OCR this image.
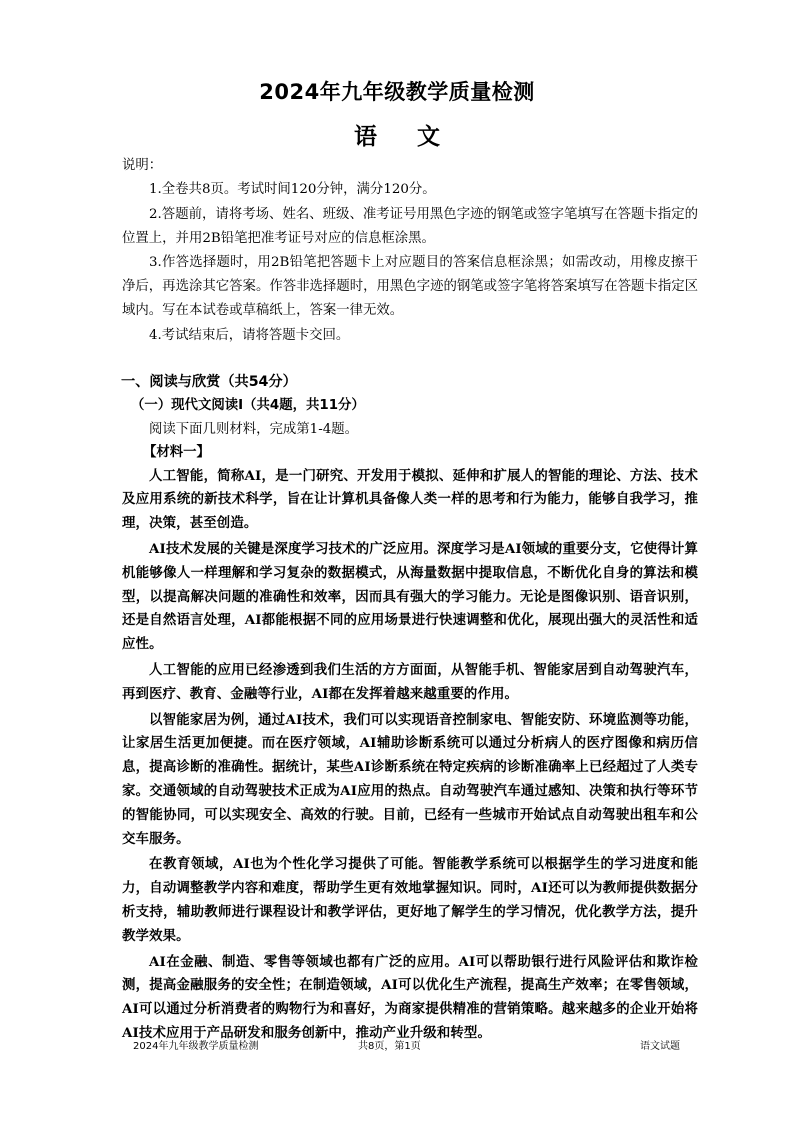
2024年九年级教学质量检测
语文
说明：
1.全卷共8页。考试时间120分钟，满分120分。
2.答题前，请将考场、姓名、班级、准考证号用黑色字迹的钢笔或签字笔填写在答题卡指定的位置上，并用2B铅笔把准考证号对应的信息框涂黑。
3.作答选择题时，用2B铅笔把答题卡上对应题目的答案信息框涂黑；如需改动，用橡皮擦干净后，再选涂其它答案。作答非选择题时，用黑色字迹的钢笔或签字笔将答案填写在答题卡指定区域内。写在本试卷或草稿纸上，答案一律无效。
4.考试结束后，请将答题卡交回。
一、阅读与欣赏（共54分）
（一）现代文阅读Ⅰ（共4题，共11分）
阅读下面几则材料，完成第1-4题。
【材料一】
人工智能，简称AI，是一门研究、开发用于模拟、延伸和扩展人的智能的理论、方法、技术及应用系统的新技术科学，旨在让计算机具备像人类一样的思考和行为能力，能够自我学习，推理，决策，甚至创造。
AI技术发展的关键是深度学习技术的广泛应用。深度学习是AI领域的重要分支，它使得计算机能够像人一样理解和学习复杂的数据模式，从海量数据中提取信息，不断优化自身的算法和模型，以提高解决问题的准确性和效率，因而具有强大的学习能力。无论是图像识别、语音识别，还是自然语言处理，AI都能根据不同的应用场景进行快速调整和优化，展现出强大的灵活性和适应性。
人工智能的应用已经渗透到我们生活的方方面面，从智能手机、智能家居到自动驾驶汽车，再到医疗、教育、金融等行业，AI都在发挥着越来越重要的作用。
以智能家居为例，通过AI技术，我们可以实现语音控制家电、智能安防、环境监测等功能，让家居生活更加便捷。而在医疗领域，AI辅助诊断系统可以通过分析病人的医疗图像和病历信息，提高诊断的准确性。据统计，某些AI诊断系统在特定疾病的诊断准确率上已经超过了人类专家。交通领域的自动驾驶技术正成为AI应用的热点。自动驾驶汽车通过感知、决策和执行等环节的智能协同，可以实现安全、高效的行驶。目前，已经有一些城市开始试点自动驾驶出租车和公交车服务。
在教育领域，AI也为个性化学习提供了可能。智能教学系统可以根据学生的学习进度和能力，自动调整教学内容和难度，帮助学生更有效地掌握知识。同时，AI还可以为教师提供数据分析支持，辅助教师进行课程设计和教学评估，更好地了解学生的学习情况，优化教学方法，提升教学效果。
AI在金融、制造、零售等领域也都有广泛的应用。AI可以帮助银行进行风险评估和欺诈检测，提高金融服务的安全性；在制造领域，AI可以优化生产流程，提高生产效率；在零售领域，AI可以通过分析消费者的购物行为和喜好，为商家提供精准的营销策略。越来越多的企业开始将AI技术应用于产品研发和服务创新中，推动产业升级和转型。
2024年九年级教学质量检测	共8页，第1页	语文试题
